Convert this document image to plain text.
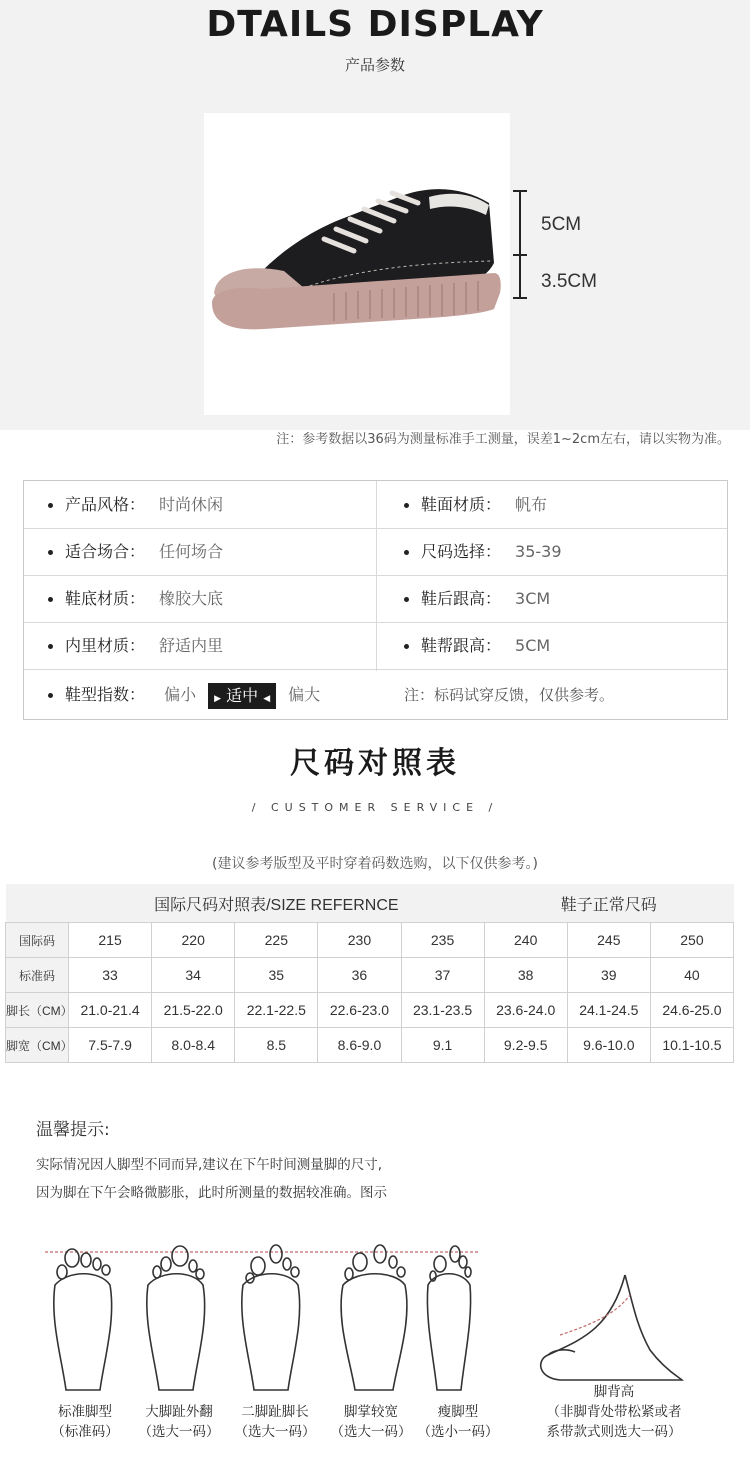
DTAILS DISPLAY
产品参数
5CM
3.5CM
注：参考数据以36码为测量标准手工测量，误差1~2cm左右，请以实物为准。
产品风格： 时尚休闲	鞋面材质： 帆布
适合场合： 任何场合	尺码选择： 35-39
鞋底材质： 橡胶大底	鞋后跟高： 3CM
内里材质： 舒适内里	鞋帮跟高： 5CM
鞋型指数： 偏小 ▶ 适中 ◀ 偏大	注：标码试穿反馈，仅供参考。
尺码对照表
/ CUSTOMER SERVICE /
(建议参考版型及平时穿着码数选购，以下仅供参考。)
	国际尺码对照表/SIZE REFERNCE					鞋子正常尺码		
国际码	215	220	225	230	235	240	245	250
标准码	33	34	35	36	37	38	39	40
脚长（CM）	21.0-21.4	21.5-22.0	22.1-22.5	22.6-23.0	23.1-23.5	23.6-24.0	24.1-24.5	24.6-25.0
脚宽（CM）	7.5-7.9	8.0-8.4	8.5	8.6-9.0	9.1	9.2-9.5	9.6-10.0	10.1-10.5
温馨提示:
实际情况因人脚型不同而异,建议在下午时间测量脚的尺寸,
因为脚在下午会略微膨胀，此时所测量的数据较准确。图示
标准脚型
（标准码）
大脚趾外翻
（选大一码）
二脚趾脚长
（选大一码）
脚掌较宽
（选大一码）
瘦脚型
（选小一码）
脚背高
（非脚背处带松紧或者
系带款式则选大一码）
